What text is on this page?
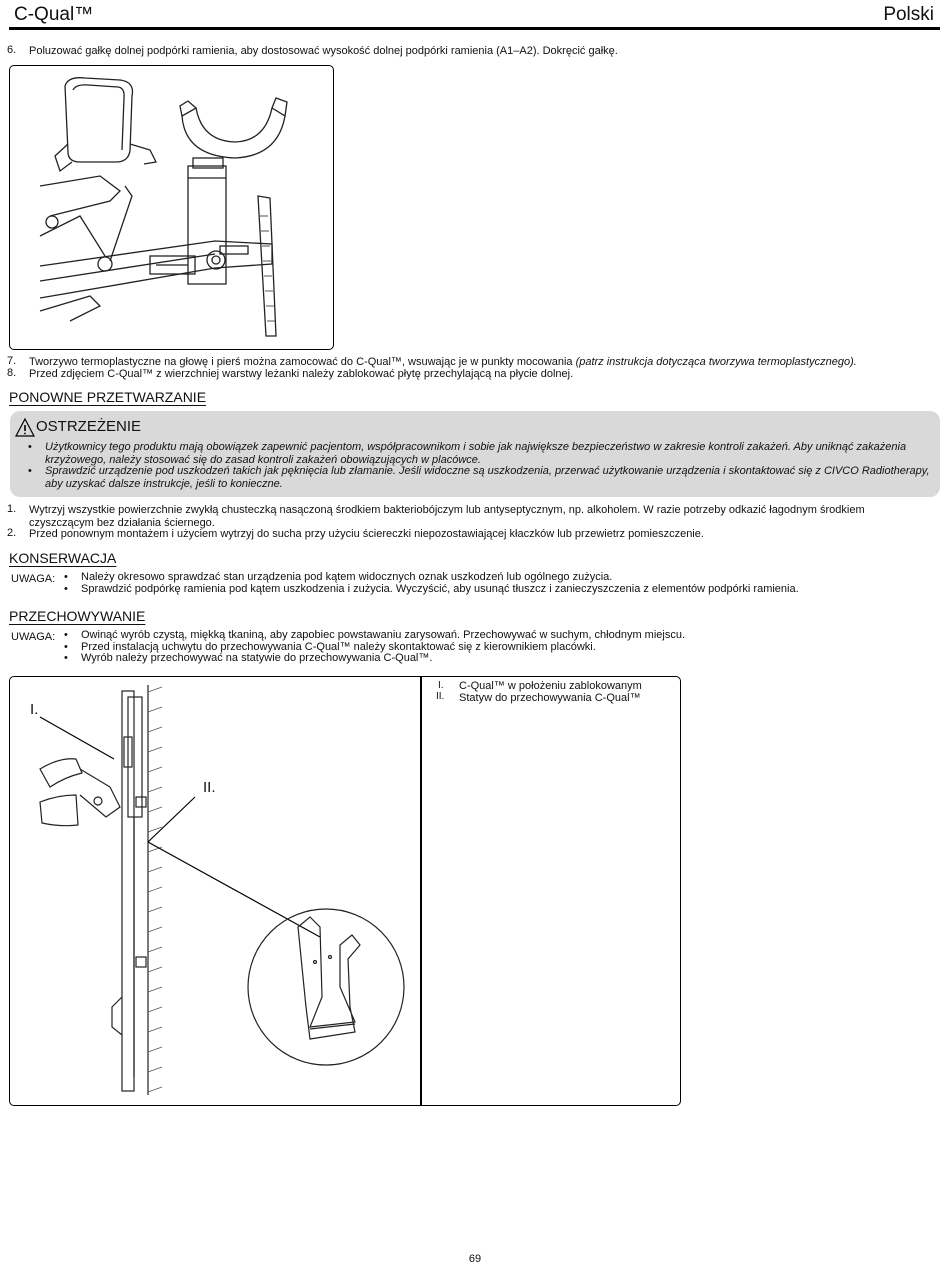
C-Qual™	Polski
6. Poluzować gałkę dolnej podpórki ramienia, aby dostosować wysokość dolnej podpórki ramienia (A1–A2). Dokręcić gałkę.
7. Tworzywo termoplastyczne na głowę i pierś można zamocować do C-Qual™, wsuwając je w punkty mocowania (patrz instrukcja dotycząca tworzywa termoplastycznego).
8. Przed zdjęciem C-Qual™ z wierzchniej warstwy leżanki należy zablokować płytę przechylającą na płycie dolnej.
PONOWNE PRZETWARZANIE
OSTRZEŻENIE
• Użytkownicy tego produktu mają obowiązek zapewnić pacjentom, współpracownikom i sobie jak największe bezpieczeństwo w zakresie kontroli zakażeń. Aby uniknąć zakażenia krzyżowego, należy stosować się do zasad kontroli zakażeń obowiązujących w placówce.
• Sprawdzić urządzenie pod uszkodzeń takich jak pęknięcia lub złamanie. Jeśli widoczne są uszkodzenia, przerwać użytkowanie urządzenia i skontaktować się z CIVCO Radiotherapy, aby uzyskać dalsze instrukcje, jeśli to konieczne.
1. Wytrzyj wszystkie powierzchnie zwykłą chusteczką nasączoną środkiem bakteriobójczym lub antyseptycznym, np. alkoholem. W razie potrzeby odkazić łagodnym środkiem czyszczącym bez działania ściernego.
2. Przed ponownym montażem i użyciem wytrzyj do sucha przy użyciu ściereczki niepozostawiającej kłaczków lub przewietrz pomieszczenie.
KONSERWACJA
UWAGA: • Należy okresowo sprawdzać stan urządzenia pod kątem widocznych oznak uszkodzeń lub ogólnego zużycia.
• Sprawdzić podpórkę ramienia pod kątem uszkodzenia i zużycia. Wyczyścić, aby usunąć tłuszcz i zanieczyszczenia z elementów podpórki ramienia.
PRZECHOWYWANIE
UWAGA: • Owinąć wyrób czystą, miękką tkaniną, aby zapobiec powstawaniu zarysowań. Przechowywać w suchym, chłodnym miejscu.
• Przed instalacją uchwytu do przechowywania C-Qual™ należy skontaktować się z kierownikiem placówki.
• Wyrób należy przechowywać na statywie do przechowywania C-Qual™.
I.
II.
I. C-Qual™ w położeniu zablokowanym
II. Statyw do przechowywania C-Qual™
69
